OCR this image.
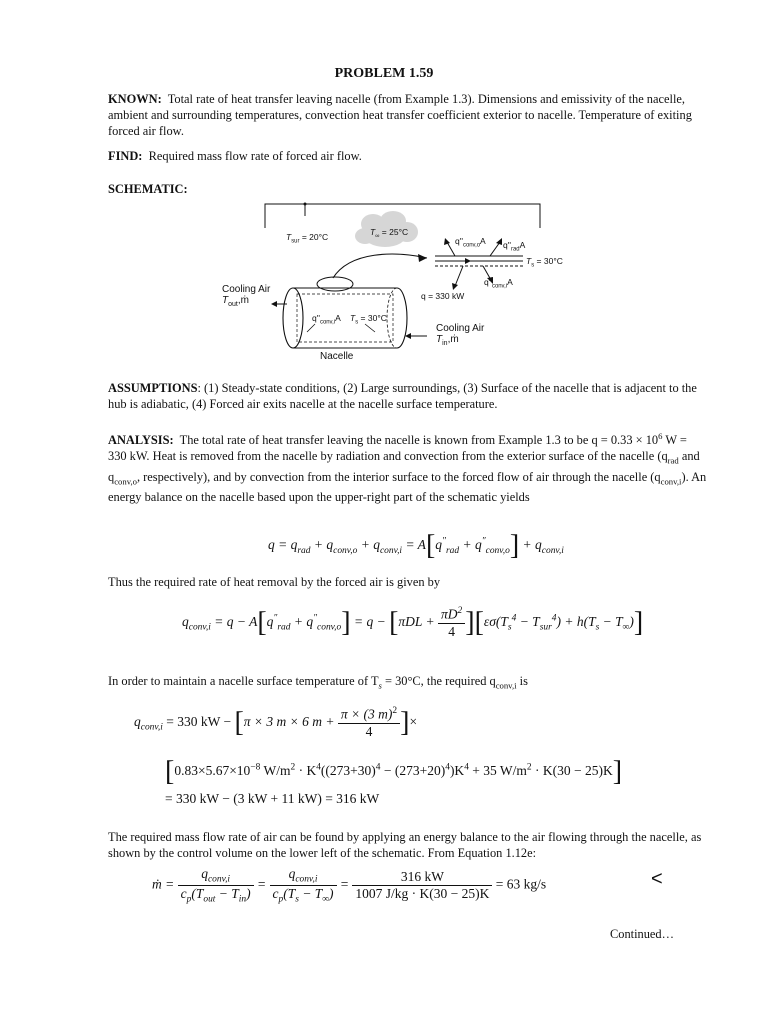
PROBLEM 1.59
KNOWN: Total rate of heat transfer leaving nacelle (from Example 1.3). Dimensions and emissivity of the nacelle, ambient and surrounding temperatures, convection heat transfer coefficient exterior to nacelle. Temperature of exiting forced air flow.
FIND: Required mass flow rate of forced air flow.
SCHEMATIC:
$T_{sur} = 20^\circ C$	$T_\infty = 25^\circ C$
$q''_{conv,o}A$ $q''_{rad}A$
$T_s = 30^\circ C$
$q''_{conv,i}A$
q = 330 kW
Cooling Air
$T_{out},ṁ$
$q''_{conv,i}A$ $T_s = 30^\circ C$
Cooling Air
$T_{in},ṁ$
Nacelle
ASSUMPTIONS: (1) Steady-state conditions, (2) Large surroundings, (3) Surface of the nacelle that is adjacent to the hub is adiabatic, (4) Forced air exits nacelle at the nacelle surface temperature.
ANALYSIS: The total rate of heat transfer leaving the nacelle is known from Example 1.3 to be $q = 0.33 \times 10^6$ W = 330 kW. Heat is removed from the nacelle by radiation and convection from the exterior surface of the nacelle ($q_{rad}$ and $q_{conv,o}$, respectively), and by convection from the interior surface to the forced flow of air through the nacelle $(q_{conv,i})$. An energy balance on the nacelle based upon the upper-right part of the schematic yields
$q = q_{rad} + q_{conv,o} + q_{conv,i} = A[q''_{rad} + q''_{conv,o}] + q_{conv,i}$
Thus the required rate of heat removal by the forced air is given by
$q_{conv,i} = q - A[q''_{rad} + q''_{conv,o}] = q - [\pi DL + \frac{\pi D^2}{4} ][\varepsilon\sigma(T_s^4 - T_{sur}^4) + h(T_s - T_\infty)]$
In order to maintain a nacelle surface temperature of $T_s = 30^\circ C$, the required $q_{conv,i}$ is
$q_{conv,i} = 330$ kW − [π × 3 m × 6 $m + \frac{\pi \times (3 m)^2}{4}$ ]×
[$0.83\times 5.67\times 10^{-8}$ $W/m^2 \cdot K^4((273+30)^4 - (273+20)^4)K^4 + 35$ $W/m^2 \cdot K(30 - 25)K$]
= 330 kW − (3 kW + 11 kW) = 316 kW
The required mass flow rate of air can be found by applying an energy balance to the air flowing through the nacelle, as shown by the control volume on the lower left of the schematic. From Equation 1.12e:
ṁ = $\frac{q_{conv,i}}{c_p(T_{out} - T_{in})} = \frac{q_{conv,i}}{c_p(T_s - T_\infty)} = \frac{316 kW}{1007 J/kg \cdot K(30 - 25)K} = 63$ kg/s	<
Continued…
